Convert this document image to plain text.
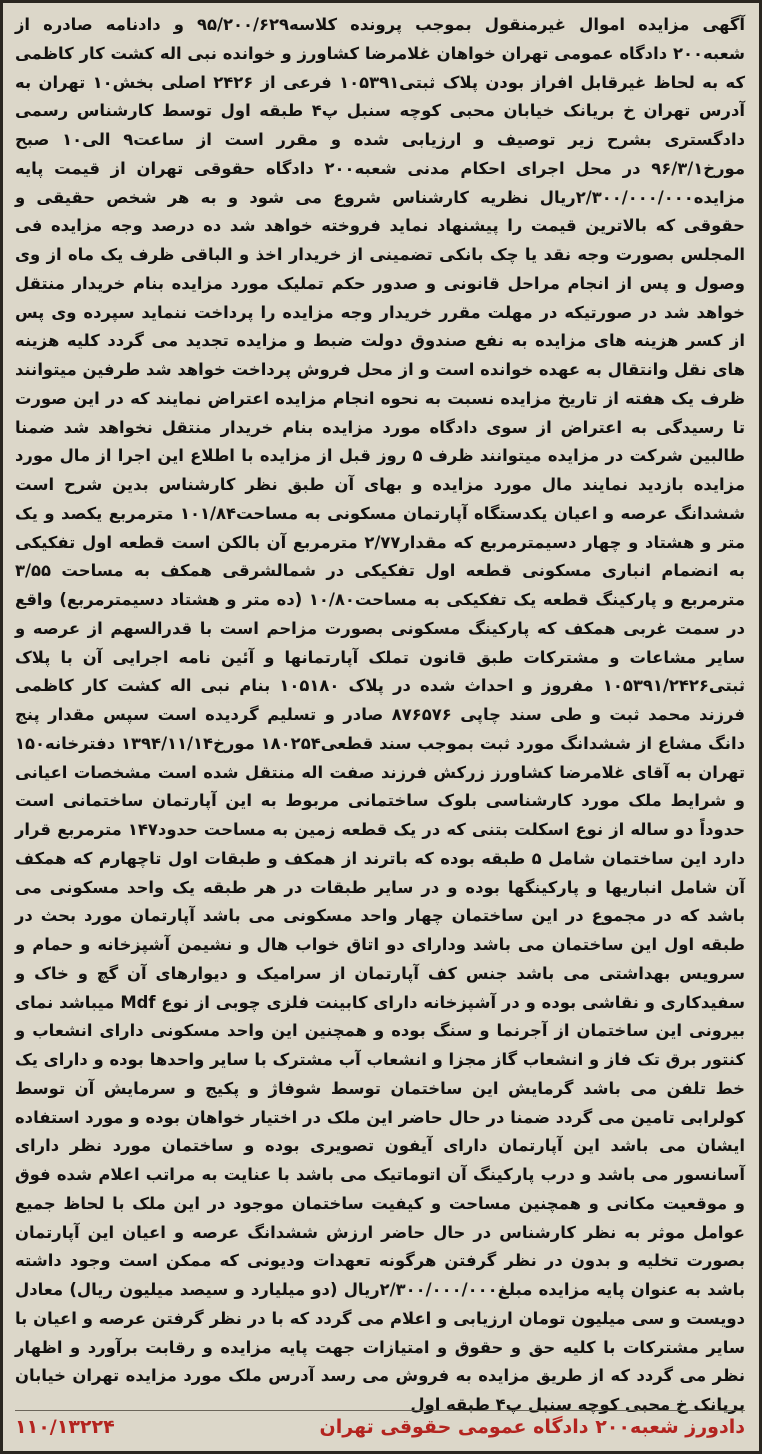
آگهی مزایده اموال غیرمنقول بموجب پرونده کلاسه۹۵/۲۰۰/۶۲۹ و دادنامه صادره از شعبه۲۰۰ دادگاه عمومی تهران خواهان غلامرضا کشاورز و خوانده نبی اله کشت کار کاظمی که به لحاظ غیرقابل افراز بودن پلاک ثبتی۱۰۵۳۹۱ فرعی از ۲۴۲۶ اصلی بخش۱۰ تهران به آدرس تهران خ بریانک خیابان محبی کوچه سنبل پ۴ طبقه اول توسط کارشناس رسمی دادگستری بشرح زیر توصیف و ارزیابی شده و مقرر است از ساعت۹ الی۱۰ صبح مورخ۹۶/۳/۱ در محل اجرای احکام مدنی شعبه۲۰۰ دادگاه حقوقی تهران از قیمت پایه مزایده۲/۳۰۰/۰۰۰/۰۰۰ریال نظریه کارشناس شروع می شود و به هر شخص حقیقی و حقوقی که بالاترین قیمت را پیشنهاد نماید فروخته خواهد شد ده درصد وجه مزایده فی المجلس بصورت وجه نقد یا چک بانکی تضمینی از خریدار اخذ و الباقی ظرف یک ماه از وی وصول و پس از انجام مراحل قانونی و صدور حکم تملیک مورد مزایده بنام خریدار منتقل خواهد شد در صورتیکه در مهلت مقرر خریدار وجه مزایده را پرداخت ننماید سپرده وی پس از کسر هزینه های مزایده به نفع صندوق دولت ضبط و مزایده تجدید می گردد کلیه هزینه های نقل وانتقال به عهده خوانده است و از محل فروش پرداخت خواهد شد طرفین میتوانند ظرف یک هفته از تاریخ مزایده نسبت به نحوه انجام مزایده اعتراض نمایند که در این صورت تا رسیدگی به اعتراض از سوی دادگاه مورد مزایده بنام خریدار منتقل نخواهد شد ضمنا طالبین شرکت در مزایده میتوانند ظرف ۵ روز قبل از مزایده با اطلاع این اجرا از مال مورد مزایده بازدید نمایند مال مورد مزایده و بهای آن طبق نظر کارشناس بدین شرح است ششدانگ عرصه و اعیان یکدستگاه آپارتمان مسکونی به مساحت۱۰۱/۸۴ مترمربع یکصد و یک متر و هشتاد و چهار دسیمترمربع که مقدار۲/۷۷ مترمربع آن بالکن است قطعه اول تفکیکی به انضمام انباری مسکونی قطعه اول تفکیکی در شمالشرقی همکف به مساحت ۳/۵۵ مترمربع و پارکینگ قطعه یک تفکیکی به مساحت۱۰/۸۰ (ده متر و هشتاد دسیمترمربع) واقع در سمت غربی همکف که پارکینگ مسکونی بصورت مزاحم است با قدرالسهم از عرصه و سایر مشاعات و مشترکات طبق قانون تملک آپارتمانها و آئین نامه اجرایی آن با پلاک ثبتی۱۰۵۳۹۱/۲۴۲۶ مفروز و احداث شده در پلاک ۱۰۵۱۸۰ بنام نبی اله کشت کار کاظمی فرزند محمد ثبت و طی سند چاپی ۸۷۶۵۷۶ صادر و تسلیم گردیده است سپس مقدار پنج دانگ مشاع از ششدانگ مورد ثبت بموجب سند قطعی۱۸۰۲۵۴ مورخ۱۳۹۴/۱۱/۱۴ دفترخانه۱۵۰ تهران به آقای غلامرضا کشاورز زرکش فرزند صفت اله منتقل شده است مشخصات اعیانی و شرایط ملک مورد کارشناسی بلوک ساختمانی مربوط به این آپارتمان ساختمانی است حدوداً دو ساله از نوع اسکلت بتنی که در یک قطعه زمین به مساحت حدود۱۴۷ مترمربع قرار دارد این ساختمان شامل ۵ طبقه بوده که باترند از همکف و طبقات اول تاچهارم که همکف آن شامل انباریها و پارکینگها بوده و در سایر طبقات در هر طبقه یک واحد مسکونی می باشد که در مجموع در این ساختمان چهار واحد مسکونی می باشد آپارتمان مورد بحث در طبقه اول این ساختمان می باشد ودارای دو اتاق خواب هال و نشیمن آشپزخانه و حمام و سرویس بهداشتی می باشد جنس کف آپارتمان از سرامیک و دیوارهای آن گچ و خاک و سفیدکاری و نقاشی بوده و در آشپزخانه دارای کابینت فلزی چوبی از نوع Mdf میباشد نمای بیرونی این ساختمان از آجرنما و سنگ بوده و همچنین این واحد مسکونی دارای انشعاب و کنتور برق تک فاز و انشعاب گاز مجزا و انشعاب آب مشترک با سایر واحدها بوده و دارای یک خط تلفن می باشد گرمایش این ساختمان توسط شوفاژ و پکیج و سرمایش آن توسط کولرابی تامین می گردد ضمنا در حال حاضر این ملک در اختیار خواهان بوده و مورد استفاده ایشان می باشد این آپارتمان دارای آیفون تصویری بوده و ساختمان مورد نظر دارای آسانسور می باشد و درب پارکینگ آن اتوماتیک می باشد با عنایت به مراتب اعلام شده فوق و موقعیت مکانی و همچنین مساحت و کیفیت ساختمان موجود در این ملک با لحاظ جمیع عوامل موثر به نظر کارشناس در حال حاضر ارزش ششدانگ عرصه و اعیان این آپارتمان بصورت تخلیه و بدون در نظر گرفتن هرگونه تعهدات ودیونی که ممکن است وجود داشته باشد به عنوان پایه مزایده مبلغ۲/۳۰۰/۰۰۰/۰۰۰ریال (دو میلیارد و سیصد میلیون ریال) معادل دویست و سی میلیون تومان ارزیابی و اعلام می گردد که با در نظر گرفتن عرصه و اعیان با سایر مشترکات با کلیه حق و حقوق و امتیازات جهت پایه مزایده و رقابت برآورد و اظهار نظر می گردد که از طریق مزایده به فروش می رسد آدرس ملک مورد مزایده تهران خیابان بریانک خ محبی کوچه سنبل پ۴ طبقه اول

دادورز شعبه۲۰۰ دادگاه عمومی حقوقی تهران
۱۱۰/۱۳۲۲۴
